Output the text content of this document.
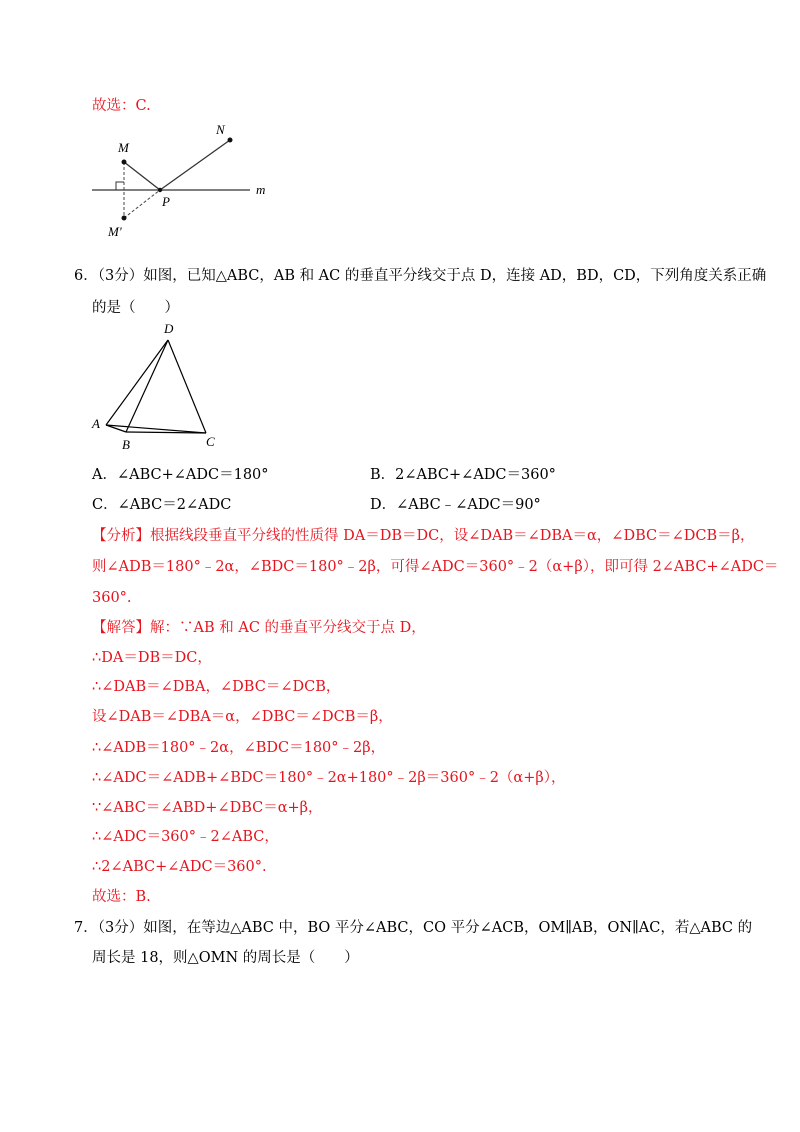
故选：C.
M
N
P
m
M'
6．（3分）如图，已知△ABC，AB 和 AC 的垂直平分线交于点 D，连接 AD，BD，CD，下列角度关系正确
的是（　　）
D
A
B	C
A．∠ABC+∠ADC＝180°	B．2∠ABC+∠ADC＝360°
C．∠ABC＝2∠ADC	D．∠ABC﹣∠ADC＝90°
【分析】根据线段垂直平分线的性质得 DA＝DB＝DC，设∠DAB＝∠DBA＝α，∠DBC＝∠DCB＝β，
则∠ADB＝180°﹣2α，∠BDC＝180°﹣2β，可得∠ADC＝360°﹣2（α+β），即可得 2∠ABC+∠ADC＝
360°.
【解答】解：∵AB 和 AC 的垂直平分线交于点 D，
∴DA＝DB＝DC，
∴∠DAB＝∠DBA，∠DBC＝∠DCB，
设∠DAB＝∠DBA＝α，∠DBC＝∠DCB＝β，
∴∠ADB＝180°﹣2α，∠BDC＝180°﹣2β，
∴∠ADC＝∠ADB+∠BDC＝180°﹣2α+180°﹣2β＝360°﹣2（α+β），
∵∠ABC＝∠ABD+∠DBC＝α+β，
∴∠ADC＝360°﹣2∠ABC，
∴2∠ABC+∠ADC＝360°.
故选：B.
7．（3分）如图，在等边△ABC 中，BO 平分∠ABC，CO 平分∠ACB，OM∥AB，ON∥AC，若△ABC 的
周长是 18，则△OMN 的周长是（　　）
